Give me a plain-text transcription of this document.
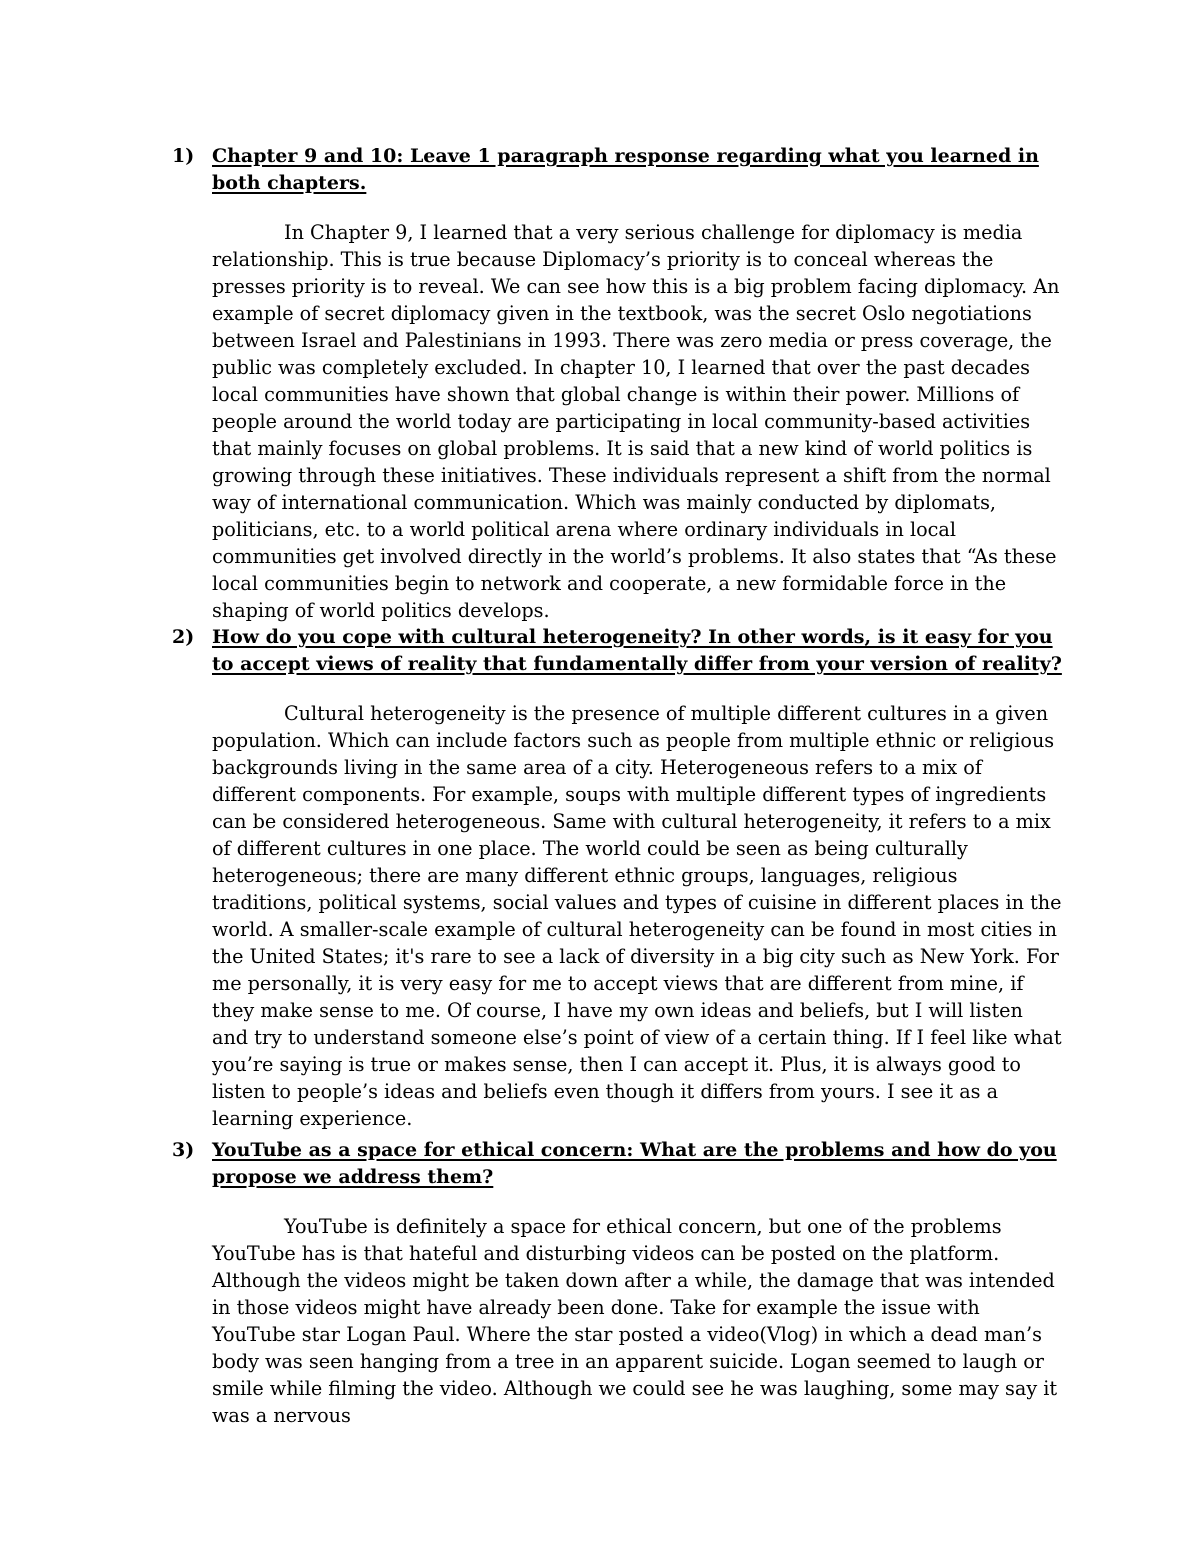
1) Chapter 9 and 10: Leave 1 paragraph response regarding what you learned in both chapters.
In Chapter 9, I learned that a very serious challenge for diplomacy is media relationship. This is true because Diplomacy’s priority is to conceal whereas the presses priority is to reveal. We can see how this is a big problem facing diplomacy. An example of secret diplomacy given in the textbook, was the secret Oslo negotiations between Israel and Palestinians in 1993. There was zero media or press coverage, the public was completely excluded. In chapter 10, I learned that over the past decades local communities have shown that global change is within their power. Millions of people around the world today are participating in local community-based activities that mainly focuses on global problems. It is said that a new kind of world politics is growing through these initiatives. These individuals represent a shift from the normal way of international communication. Which was mainly conducted by diplomats, politicians, etc. to a world political arena where ordinary individuals in local communities get involved directly in the world’s problems. It also states that “As these local communities begin to network and cooperate, a new formidable force in the shaping of world politics develops.
2) How do you cope with cultural heterogeneity? In other words, is it easy for you to accept views of reality that fundamentally differ from your version of reality?
Cultural heterogeneity is the presence of multiple different cultures in a given population. Which can include factors such as people from multiple ethnic or religious backgrounds living in the same area of a city. Heterogeneous refers to a mix of different components. For example, soups with multiple different types of ingredients can be considered heterogeneous. Same with cultural heterogeneity, it refers to a mix of different cultures in one place. The world could be seen as being culturally heterogeneous; there are many different ethnic groups, languages, religious traditions, political systems, social values and types of cuisine in different places in the world. A smaller-scale example of cultural heterogeneity can be found in most cities in the United States; it's rare to see a lack of diversity in a big city such as New York. For me personally, it is very easy for me to accept views that are different from mine, if they make sense to me. Of course, I have my own ideas and beliefs, but I will listen and try to understand someone else’s point of view of a certain thing. If I feel like what you’re saying is true or makes sense, then I can accept it. Plus, it is always good to listen to people’s ideas and beliefs even though it differs from yours. I see it as a learning experience.
3) YouTube as a space for ethical concern: What are the problems and how do you propose we address them?
YouTube is definitely a space for ethical concern, but one of the problems YouTube has is that hateful and disturbing videos can be posted on the platform. Although the videos might be taken down after a while, the damage that was intended in those videos might have already been done. Take for example the issue with YouTube star Logan Paul. Where the star posted a video(Vlog) in which a dead man’s body was seen hanging from a tree in an apparent suicide. Logan seemed to laugh or smile while filming the video. Although we could see he was laughing, some may say it was a nervous
